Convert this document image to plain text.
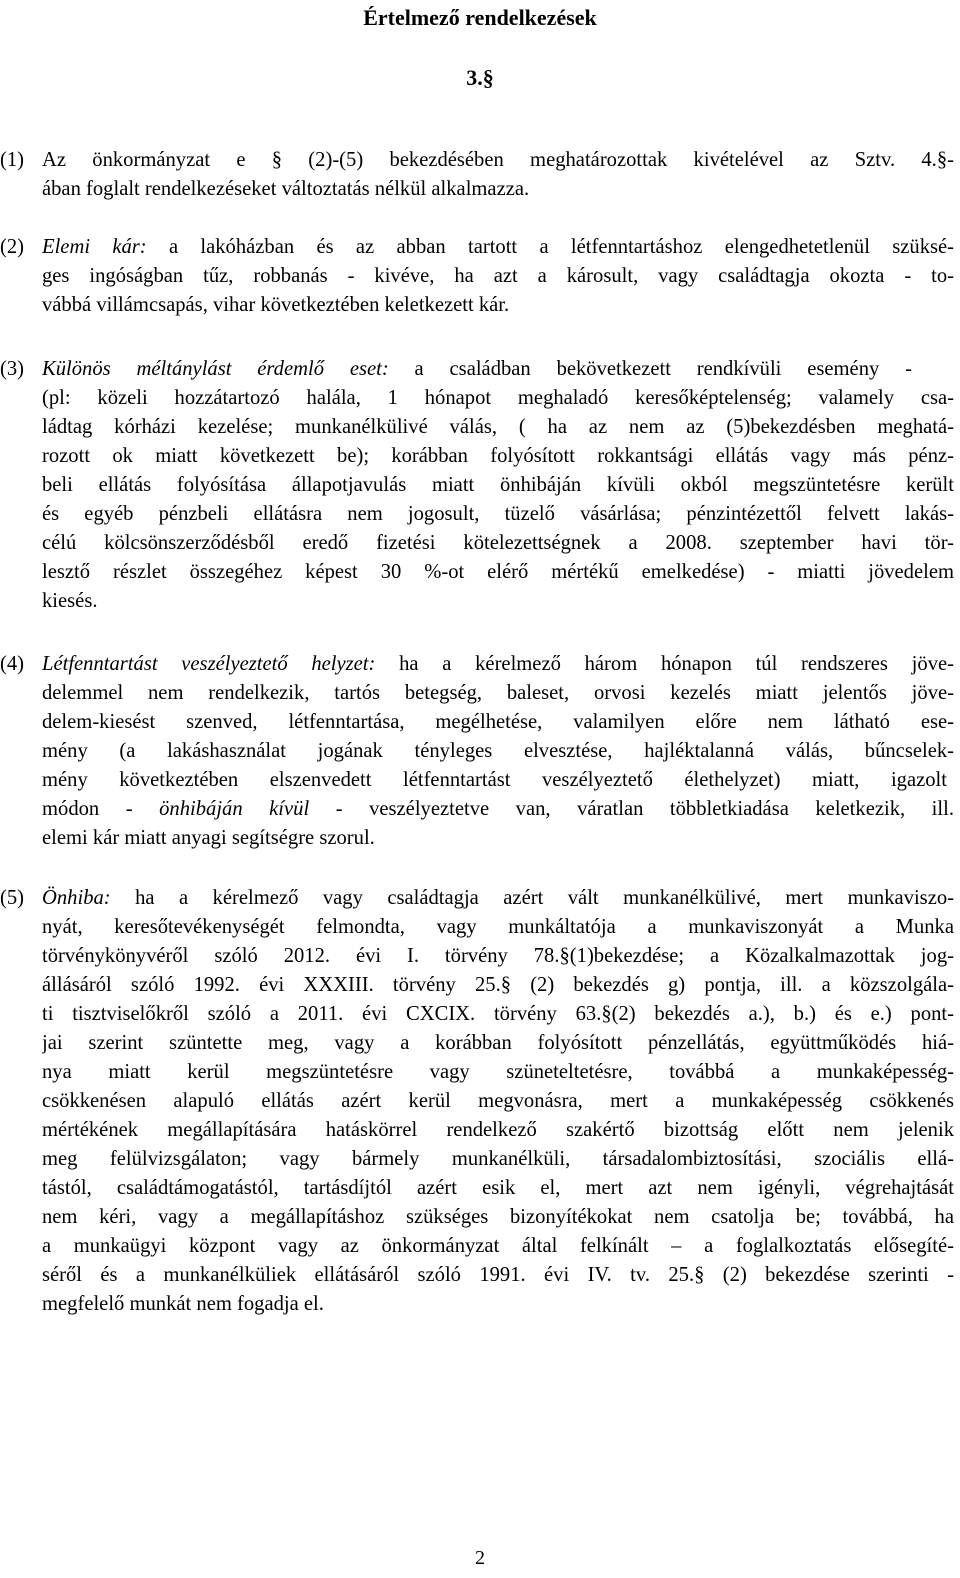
Értelmező rendelkezések
3.§
(1) Az önkormányzat e § (2)-(5) bekezdésében meghatározottak kivételével az Sztv. 4.§-
ában foglalt rendelkezéseket változtatás nélkül alkalmazza.
(2) Elemi kár: a lakóházban és az abban tartott a létfenntartáshoz elengedhetetlenül szüksé-
ges ingóságban tűz, robbanás - kivéve, ha azt a károsult, vagy családtagja okozta - to-
vábbá villámcsapás, vihar következtében keletkezett kár.
(3) Különös méltánylást érdemlő eset: a családban bekövetkezett rendkívüli esemény -
(pl: közeli hozzátartozó halála, 1 hónapot meghaladó keresőképtelenség; valamely csa-
ládtag kórházi kezelése; munkanélkülivé válás, ( ha az nem az (5)bekezdésben meghatá-
rozott ok miatt következett be); korábban folyósított rokkantsági ellátás vagy más pénz-
beli ellátás folyósítása állapotjavulás miatt önhibáján kívüli okból megszüntetésre került
és egyéb pénzbeli ellátásra nem jogosult, tüzelő vásárlása; pénzintézettől felvett lakás-
célú kölcsönszerződésből eredő fizetési kötelezettségnek a 2008. szeptember havi tör-
lesztő részlet összegéhez képest 30 %-ot elérő mértékű emelkedése) - miatti jövedelem
kiesés.
(4) Létfenntartást veszélyeztető helyzet: ha a kérelmező három hónapon túl rendszeres jöve-
delemmel nem rendelkezik, tartós betegség, baleset, orvosi kezelés miatt jelentős jöve-
delem-kiesést szenved, létfenntartása, megélhetése, valamilyen előre nem látható ese-
mény (a lakáshasználat jogának tényleges elvesztése, hajléktalanná válás, bűncselek-
mény következtében elszenvedett létfenntartást veszélyeztető élethelyzet) miatt, igazolt
módon - önhibáján kívül - veszélyeztetve van, váratlan többletkiadása keletkezik, ill.
elemi kár miatt anyagi segítségre szorul.
(5) Önhiba: ha a kérelmező vagy családtagja azért vált munkanélkülivé, mert munkaviszo-
nyát, keresőtevékenységét felmondta, vagy munkáltatója a munkaviszonyát a Munka
törvénykönyvéről szóló 2012. évi I. törvény 78.§(1)bekezdése; a Közalkalmazottak jog-
állásáról szóló 1992. évi XXXIII. törvény 25.§ (2) bekezdés g) pontja, ill. a közszolgála-
ti tisztviselőkről szóló a 2011. évi CXCIX. törvény 63.§(2) bekezdés a.), b.) és e.) pont-
jai szerint szüntette meg, vagy a korábban folyósított pénzellátás, együttműködés hiá-
nya miatt kerül megszüntetésre vagy szüneteltetésre, továbbá a munkaképesség-
csökkenésen alapuló ellátás azért kerül megvonásra, mert a munkaképesség csökkenés
mértékének megállapítására hatáskörrel rendelkező szakértő bizottság előtt nem jelenik
meg felülvizsgálaton; vagy bármely munkanélküli, társadalombiztosítási, szociális ellá-
tástól, családtámogatástól, tartásdíjtól azért esik el, mert azt nem igényli, végrehajtását
nem kéri, vagy a megállapításhoz szükséges bizonyítékokat nem csatolja be; továbbá, ha
a munkaügyi központ vagy az önkormányzat által felkínált – a foglalkoztatás elősegíté-
séről és a munkanélküliek ellátásáról szóló 1991. évi IV. tv. 25.§ (2) bekezdése szerinti -
megfelelő munkát nem fogadja el.
2
